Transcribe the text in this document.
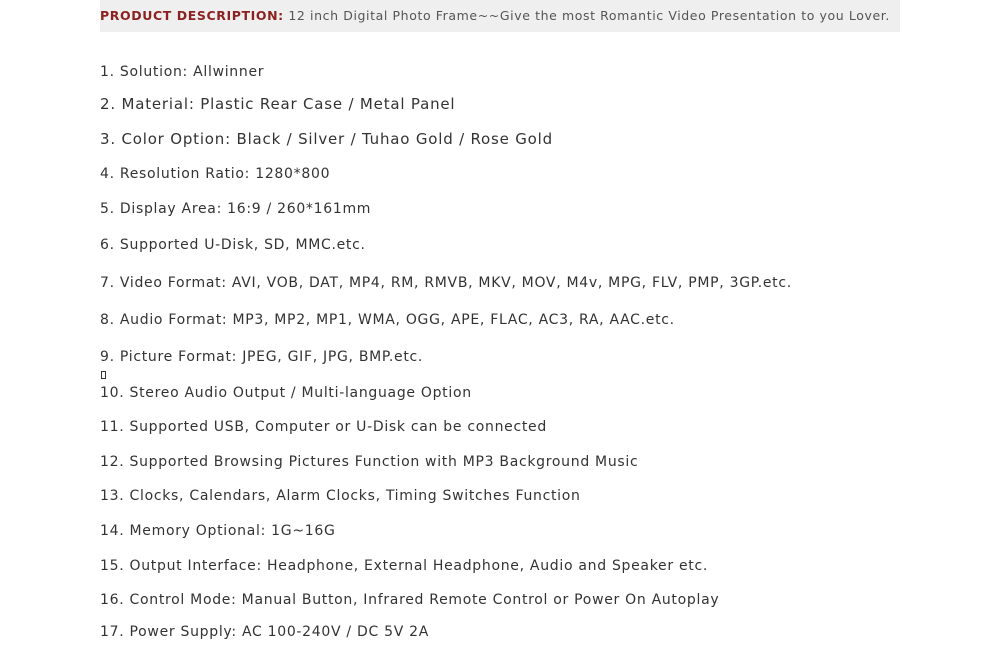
PRODUCT DESCRIPTION: 12 inch Digital Photo Frame~~Give the most Romantic Video Presentation to you Lover.

1. Solution: Allwinner

2. Material: Plastic Rear Case / Metal Panel

3. Color Option: Black / Silver / Tuhao Gold / Rose Gold

4. Resolution Ratio: 1280*800

5. Display Area: 16:9 / 260*161mm

6. Supported U-Disk, SD, MMC.etc.

7. Video Format: AVI, VOB, DAT, MP4, RM, RMVB, MKV, MOV, M4v, MPG, FLV, PMP, 3GP.etc.

8. Audio Format: MP3, MP2, MP1, WMA, OGG, APE, FLAC, AC3, RA, AAC.etc.

9. Picture Format: JPEG, GIF, JPG, BMP.etc.

10. Stereo Audio Output / Multi-language Option

11. Supported USB, Computer or U-Disk can be connected

12. Supported Browsing Pictures Function with MP3 Background Music

13. Clocks, Calendars, Alarm Clocks, Timing Switches Function

14. Memory Optional: 1G~16G

15. Output Interface: Headphone, External Headphone, Audio and Speaker etc.

16. Control Mode: Manual Button, Infrared Remote Control or Power On Autoplay

17. Power Supply: AC 100-240V / DC 5V 2A
